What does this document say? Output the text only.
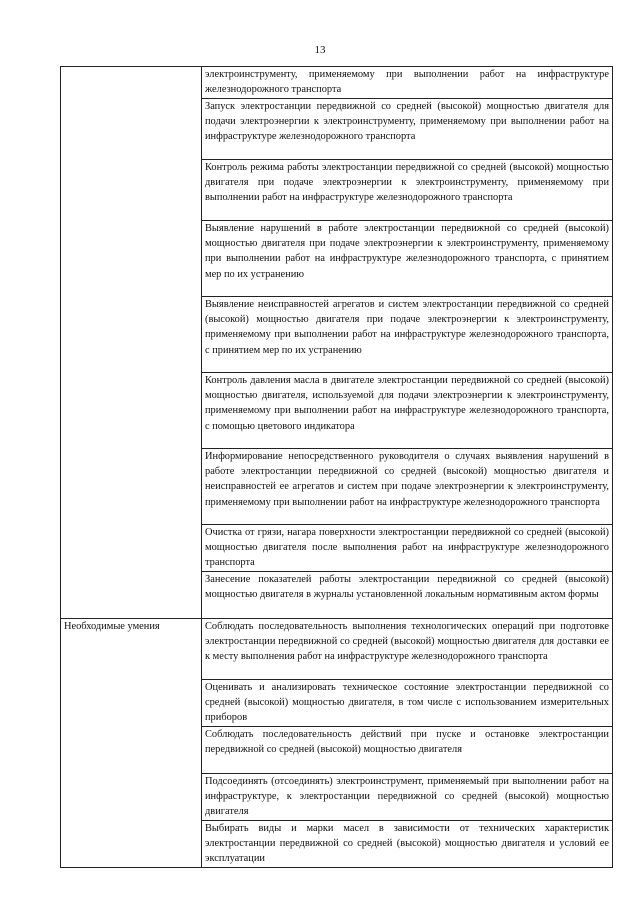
13

	электроинструменту, применяемому при выполнении работ на инфраструктуре железнодорожного транспорта

	Запуск электростанции передвижной со средней (высокой) мощностью двигателя для подачи электроэнергии к электроинструменту, применяемому при выполнении работ на инфраструктуре железнодорожного транспорта

	Контроль режима работы электростанции передвижной со средней (высокой) мощностью двигателя при подаче электроэнергии к электроинструменту, применяемому при выполнении работ на инфраструктуре железнодорожного транспорта

	Выявление нарушений в работе электростанции передвижной со средней (высокой) мощностью двигателя при подаче электроэнергии к электроинструменту, применяемому при выполнении работ на инфраструктуре железнодорожного транспорта, с принятием мер по их устранению

	Выявление неисправностей агрегатов и систем электростанции передвижной со средней (высокой) мощностью двигателя при подаче электроэнергии к электроинструменту, применяемому при выполнении работ на инфраструктуре железнодорожного транспорта, с принятием мер по их устранению

	Контроль давления масла в двигателе электростанции передвижной со средней (высокой) мощностью двигателя, используемой для подачи электроэнергии к электроинструменту, применяемому при выполнении работ на инфраструктуре железнодорожного транспорта, с помощью цветового индикатора

	Информирование непосредственного руководителя о случаях выявления нарушений в работе электростанции передвижной со средней (высокой) мощностью двигателя и неисправностей ее агрегатов и систем при подаче электроэнергии к электроинструменту, применяемому при выполнении работ на инфраструктуре железнодорожного транспорта

	Очистка от грязи, нагара поверхности электростанции передвижной со средней (высокой) мощностью двигателя после выполнения работ на инфраструктуре железнодорожного транспорта

	Занесение показателей работы электростанции передвижной со средней (высокой) мощностью двигателя в журналы установленной локальным нормативным актом формы

Необходимые умения	Соблюдать последовательность выполнения технологических операций при подготовке электростанции передвижной со средней (высокой) мощностью двигателя для доставки ее к месту выполнения работ на инфраструктуре железнодорожного транспорта

	Оценивать и анализировать техническое состояние электростанции передвижной со средней (высокой) мощностью двигателя, в том числе с использованием измерительных приборов

	Соблюдать последовательность действий при пуске и остановке электростанции передвижной со средней (высокой) мощностью двигателя

	Подсоединять (отсоединять) электроинструмент, применяемый при выполнении работ на инфраструктуре, к электростанции передвижной со средней (высокой) мощностью двигателя

	Выбирать виды и марки масел в зависимости от технических характеристик электростанции передвижной со средней (высокой) мощностью двигателя и условий ее эксплуатации
